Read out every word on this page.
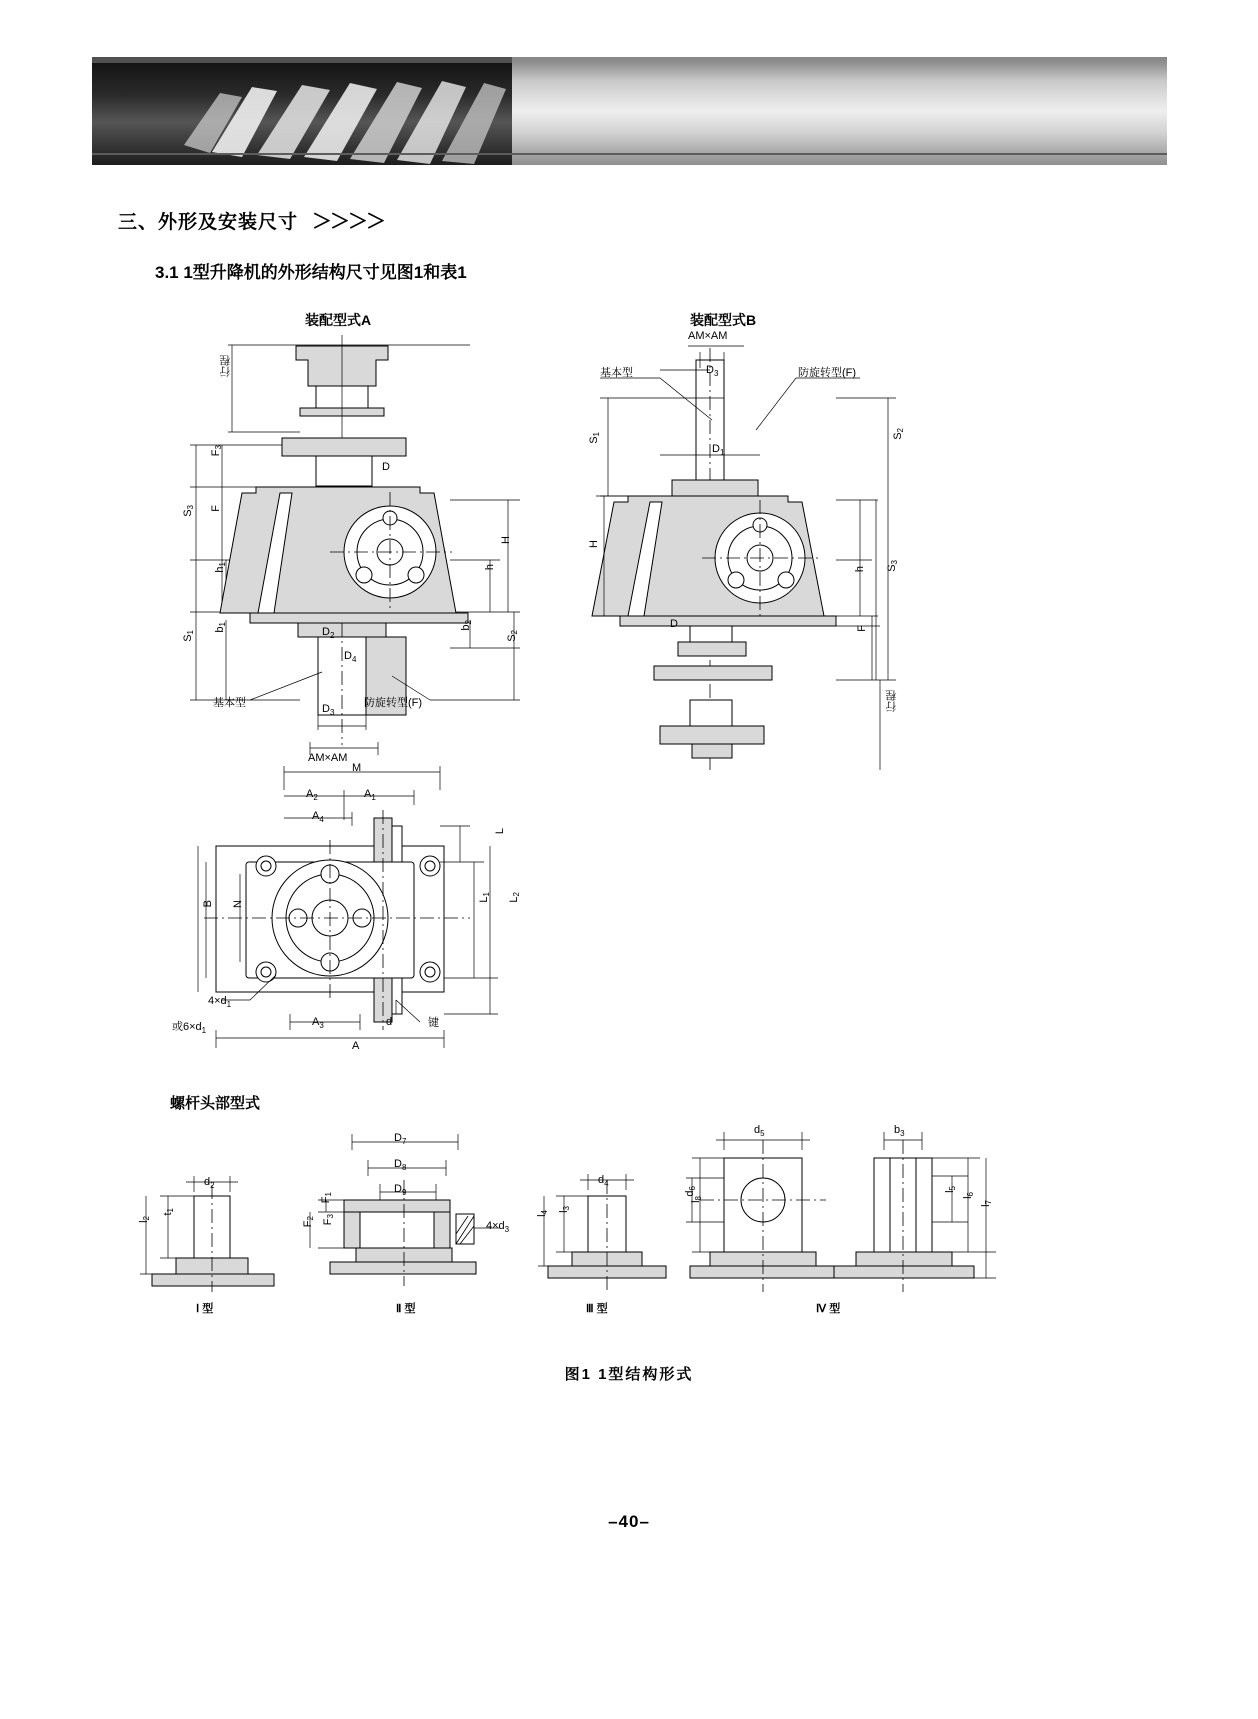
三、外形及安装尺寸 ＞＞＞＞
3.1 1型升降机的外形结构尺寸见图1和表1
装配型式A	装配型式B
螺杆头部型式
图1 1型结构形式
–40–
行程
$F_3$
$S_3$ F
D
H
$h_1$	h
$S_1$ $b_1$
$b_2$
$S_2$
$D_2$
$D_4$
$D_3$
AM×AM
基本型	防旋转型(F)
AM×AM
基本型	防旋转型(F)
$D_3$
$D_1$
$S_1$	$S_2$
H
h $S_3$
D	F
行程
M
$A_2$	$A_1$
$A_4$
L
$L_1$
$L_2$
B N
$4\times d_1$
或$6\times d_1$
$A_3$	d	键
A
$d_2$
$t_1$
$l_2$
Ⅰ 型
$D_7$
$D_8$
$D_9$
$F_1$
$F_2$
$F_3$
$4\times d_3$
Ⅱ 型
$d_4$
$l_3$
$l_4$
Ⅲ 型
$d_5$
$d_6$
$l_8$
$b_3$
$l_5$
$l_6$
$l_7$
Ⅳ 型
